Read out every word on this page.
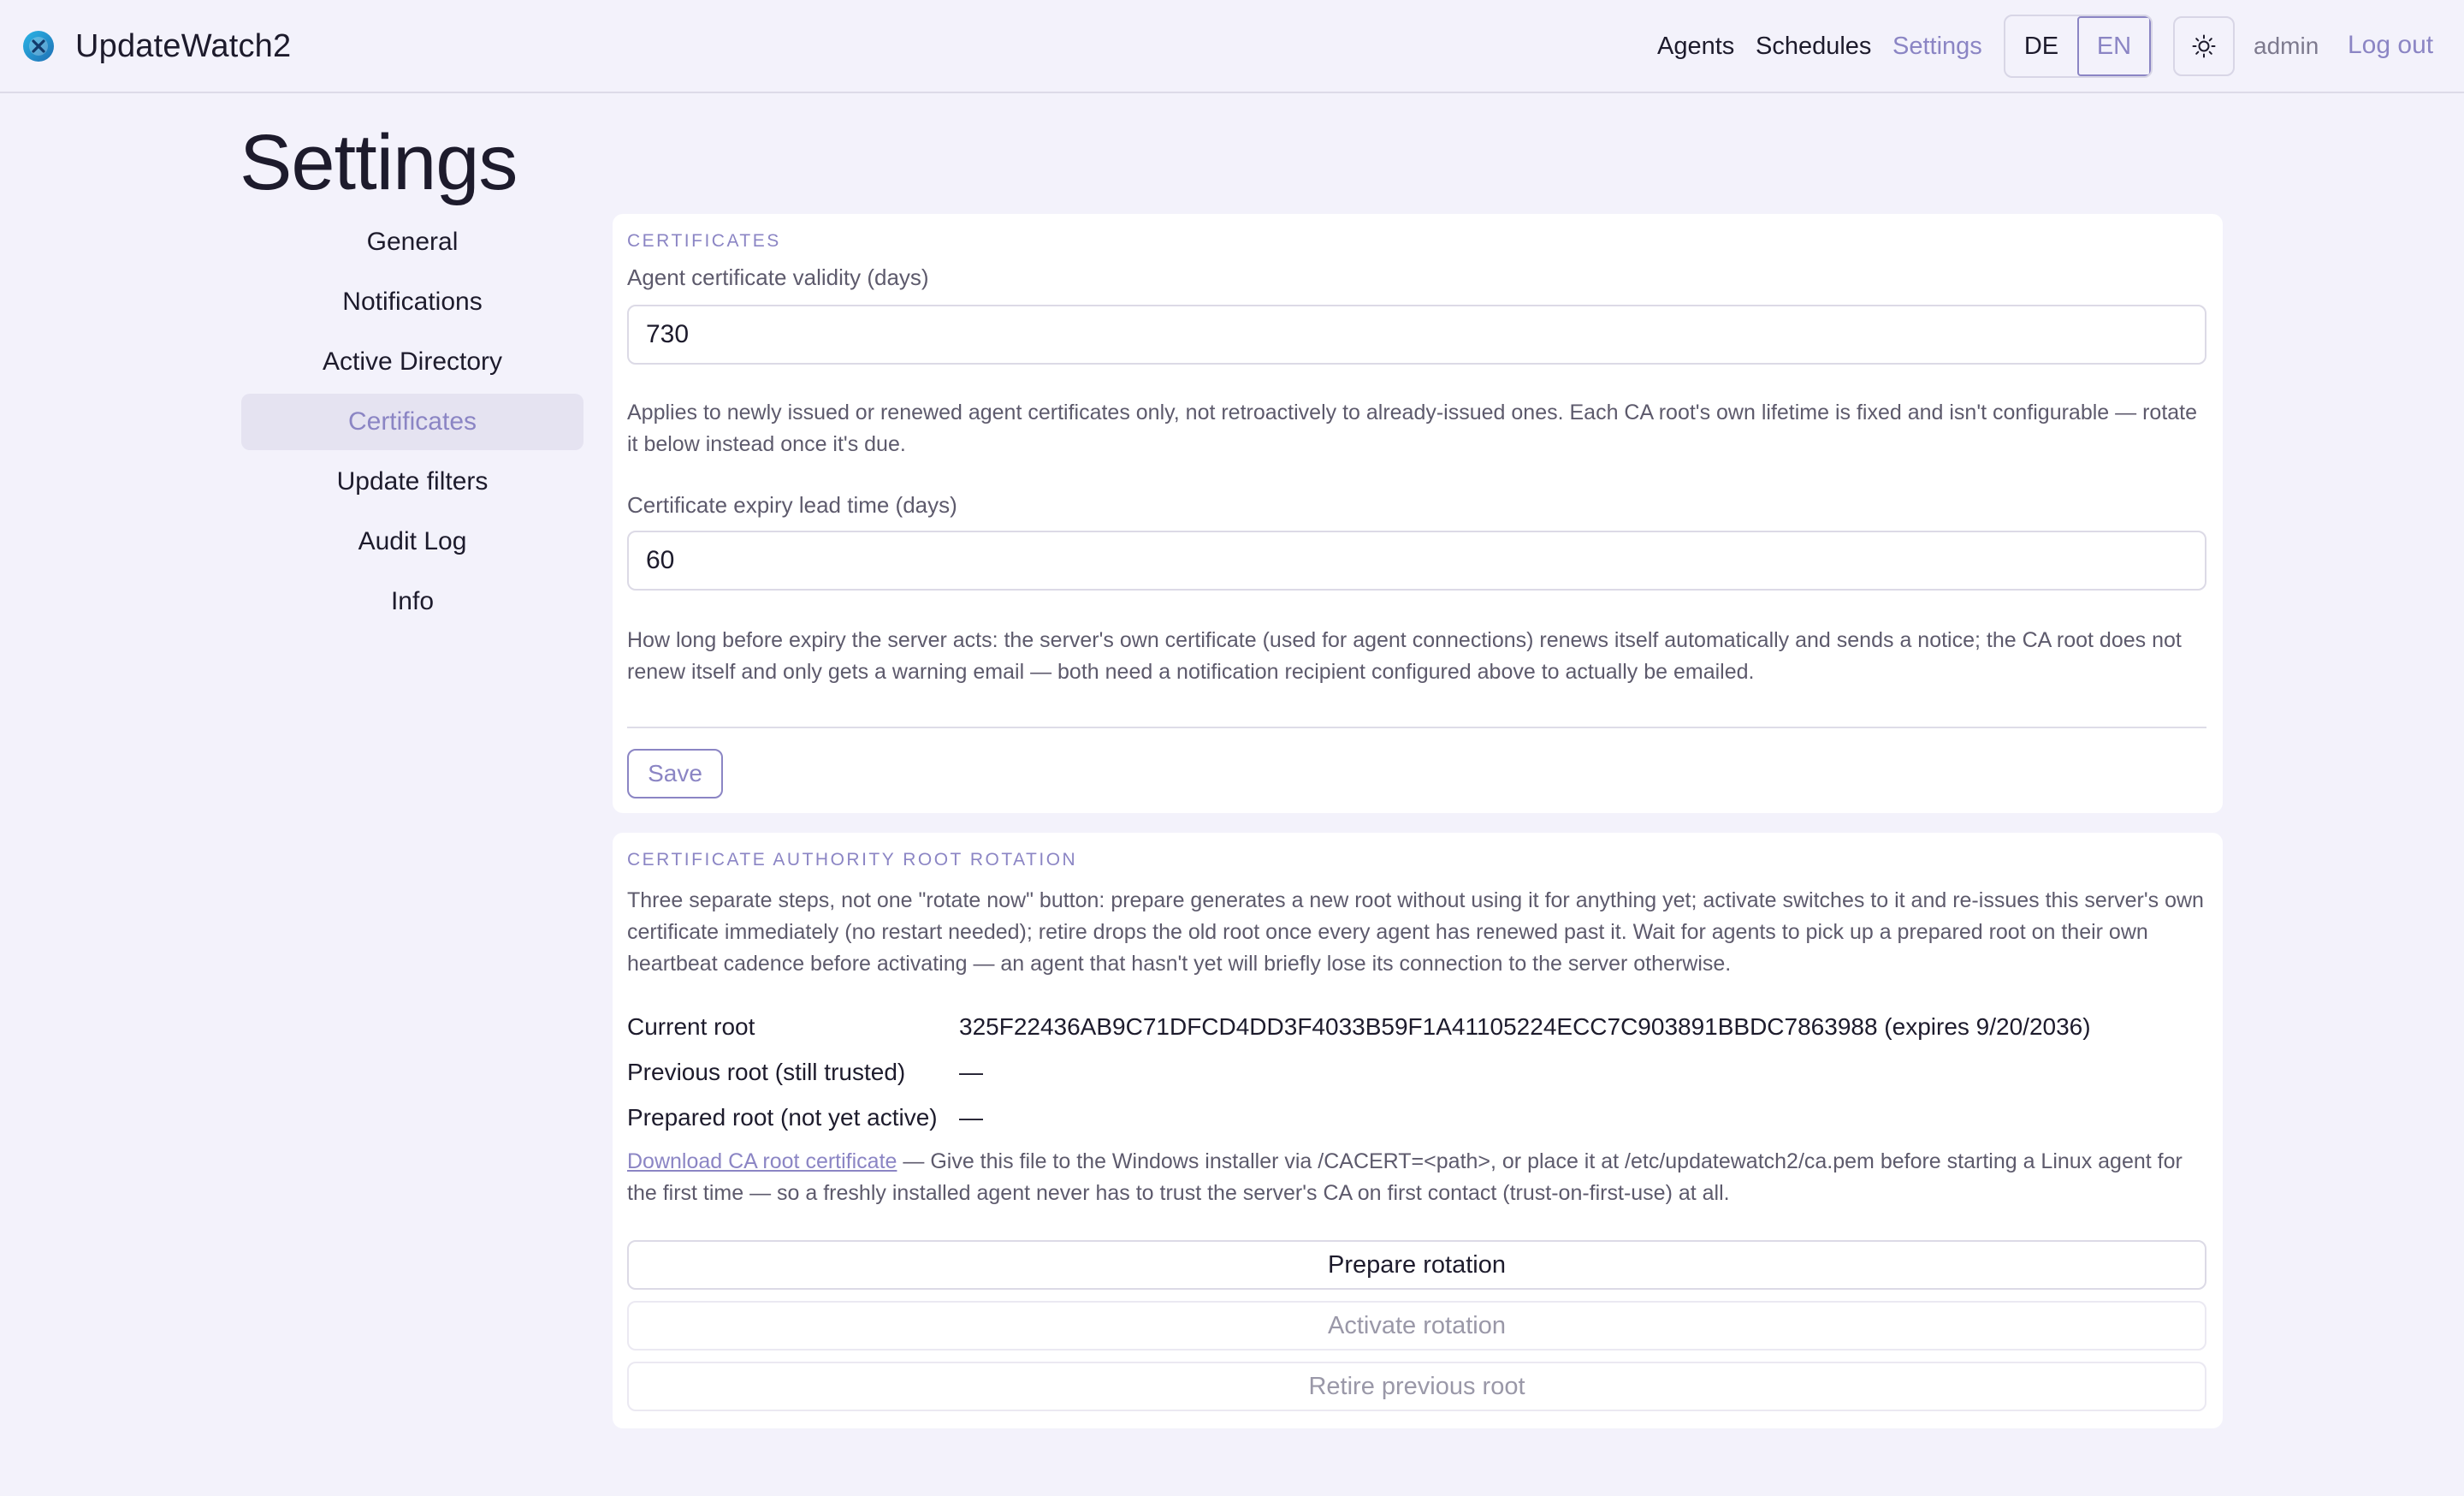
UpdateWatch2	Agents Schedules Settings	DE	EN	admin Log out
Settings
General
Notifications
Active Directory
Certificates
Update filters
Audit Log
Info
CERTIFICATES
Agent certificate validity (days)
730
Applies to newly issued or renewed agent certificates only, not retroactively to already-issued ones. Each CA root's own lifetime is fixed and isn't configurable — rotate it below instead once it's due.
Certificate expiry lead time (days)
60
How long before expiry the server acts: the server's own certificate (used for agent connections) renews itself automatically and sends a notice; the CA root does not renew itself and only gets a warning email — both need a notification recipient configured above to actually be emailed.
Save
CERTIFICATE AUTHORITY ROOT ROTATION
Three separate steps, not one "rotate now" button: prepare generates a new root without using it for anything yet; activate switches to it and re-issues this server's own certificate immediately (no restart needed); retire drops the old root once every agent has renewed past it. Wait for agents to pick up a prepared root on their own heartbeat cadence before activating — an agent that hasn't yet will briefly lose its connection to the server otherwise.
Current root	325F22436AB9C71DFCD4DD3F4033B59F1A41105224ECC7C903891BBDC7863988 (expires 9/20/2036)
Previous root (still trusted)	—
Prepared root (not yet active) —
Download CA root certificate — Give this file to the Windows installer via /CACERT=<path>, or place it at /etc/updatewatch2/ca.pem before starting a Linux agent for the first time — so a freshly installed agent never has to trust the server's CA on first contact (trust-on-first-use) at all.
Prepare rotation
Activate rotation
Retire previous root
